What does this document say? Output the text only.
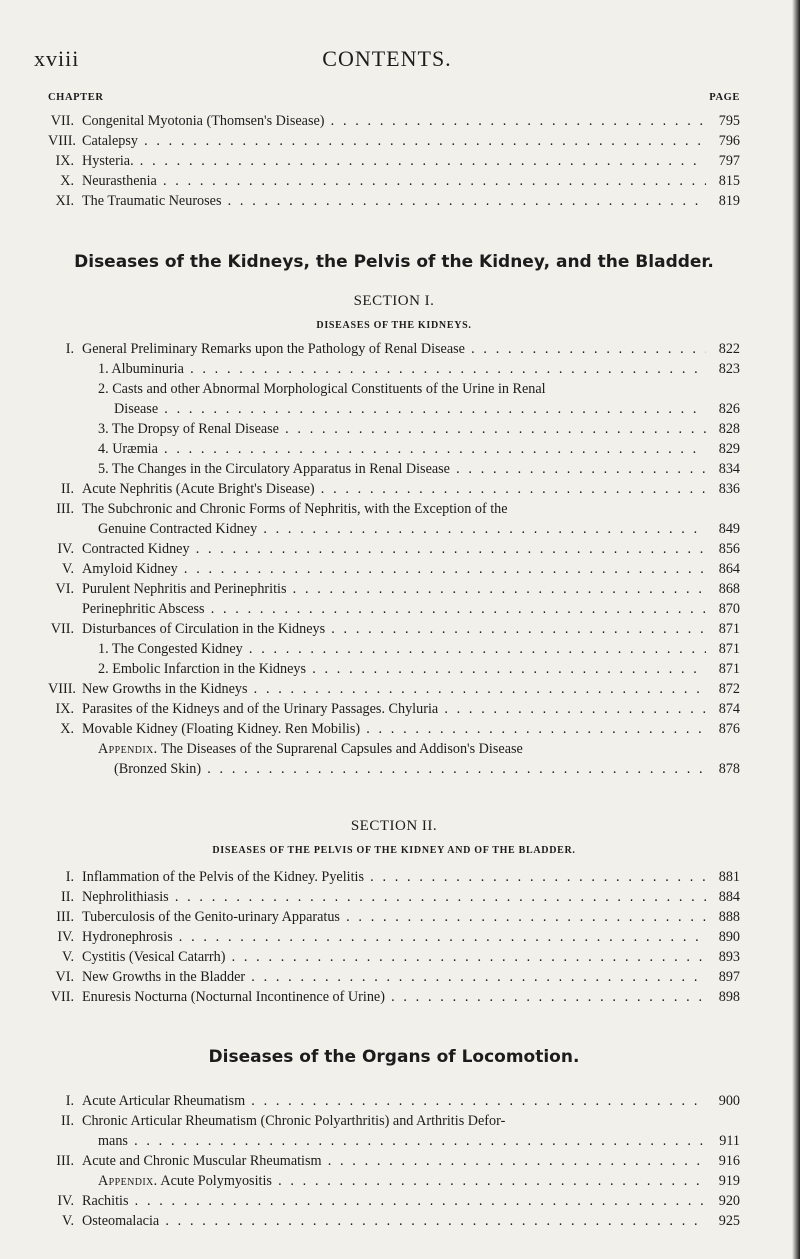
xviii	CONTENTS.
CHAPTER	PAGE
VII. Congenital Myotonia (Thomsen's Disease) . . .	795
VIII. Catalepsy . . .	796
IX. Hysteria. . . .	797
X. Neurasthenia . . .	815
XI. The Traumatic Neuroses . . .	819
Diseases of the Kidneys, the Pelvis of the Kidney, and the Bladder.
SECTION I.
DISEASES OF THE KIDNEYS.
I. General Preliminary Remarks upon the Pathology of Renal Disease . . .	822
1. Albuminuria . . .	823
2. Casts and other Abnormal Morphological Constituents of the Urine in Renal
Disease . . .	826
3. The Dropsy of Renal Disease . . .	828
4. Uræmia . . .	829
5. The Changes in the Circulatory Apparatus in Renal Disease . . .	834
II. Acute Nephritis (Acute Bright's Disease) . . .	836
III. The Subchronic and Chronic Forms of Nephritis, with the Exception of the
Genuine Contracted Kidney . . .	849
IV. Contracted Kidney . . .	856
V. Amyloid Kidney . . .	864
VI. Purulent Nephritis and Perinephritis . . .	868
Perinephritic Abscess . . .	870
VII. Disturbances of Circulation in the Kidneys . . .	871
1. The Congested Kidney . . .	871
2. Embolic Infarction in the Kidneys . . .	871
VIII. New Growths in the Kidneys . . .	872
IX. Parasites of the Kidneys and of the Urinary Passages. Chyluria . . .	874
X. Movable Kidney (Floating Kidney. Ren Mobilis) . . .	876
Appendix. The Diseases of the Suprarenal Capsules and Addison's Disease
(Bronzed Skin) . . .	878
SECTION II.
DISEASES OF THE PELVIS OF THE KIDNEY AND OF THE BLADDER.
I. Inflammation of the Pelvis of the Kidney. Pyelitis . . .	881
II. Nephrolithiasis . . .	884
III. Tuberculosis of the Genito-urinary Apparatus . . .	888
IV. Hydronephrosis . . .	890
V. Cystitis (Vesical Catarrh) . . .	893
VI. New Growths in the Bladder . . .	897
VII. Enuresis Nocturna (Nocturnal Incontinence of Urine) . . .	898
Diseases of the Organs of Locomotion.
I. Acute Articular Rheumatism . . .	900
II. Chronic Articular Rheumatism (Chronic Polyarthritis) and Arthritis Defor-
mans . . .	911
III. Acute and Chronic Muscular Rheumatism . . .	916
Appendix. Acute Polymyositis . . .	919
IV. Rachitis . . .	920
V. Osteomalacia . . .	925
